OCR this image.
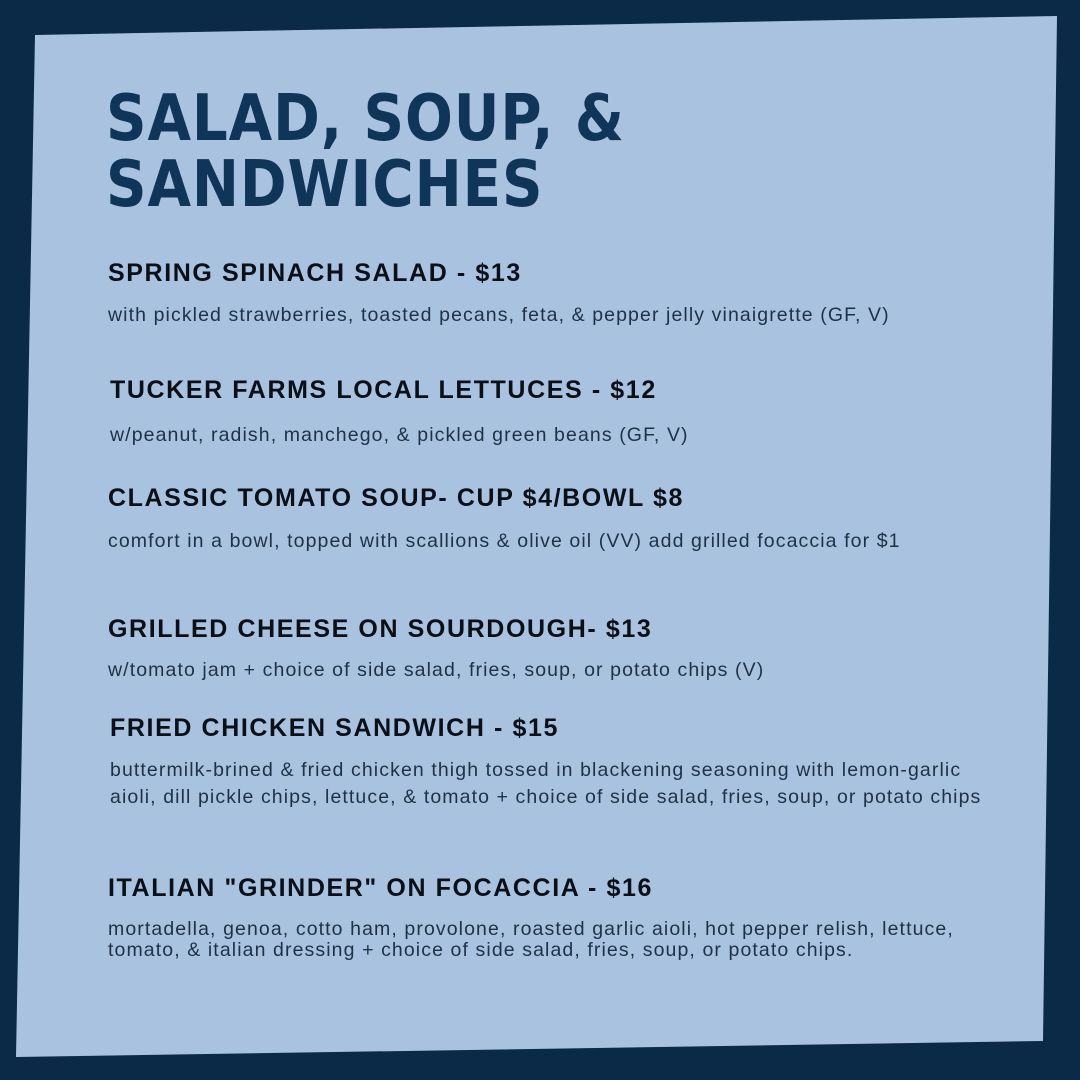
SALAD, SOUP, &
SANDWICHES
SPRING SPINACH SALAD - $13

with pickled strawberries, toasted pecans, feta, & pepper jelly vinaigrette (GF, V)

TUCKER FARMS LOCAL LETTUCES - $12

w/peanut, radish, manchego, & pickled green beans (GF, V)

CLASSIC TOMATO SOUP- CUP $4/BOWL $8

comfort in a bowl, topped with scallions & olive oil (VV) add grilled focaccia for $1

GRILLED CHEESE ON SOURDOUGH- $13

w/tomato jam + choice of side salad, fries, soup, or potato chips (V)

FRIED CHICKEN SANDWICH - $15

buttermilk-brined & fried chicken thigh tossed in blackening seasoning with lemon-garlic aioli, dill pickle chips, lettuce, & tomato + choice of side salad, fries, soup, or potato chips

ITALIAN "GRINDER" ON FOCACCIA - $16

mortadella, genoa, cotto ham, provolone, roasted garlic aioli, hot pepper relish, lettuce, tomato, & italian dressing + choice of side salad, fries, soup, or potato chips.
